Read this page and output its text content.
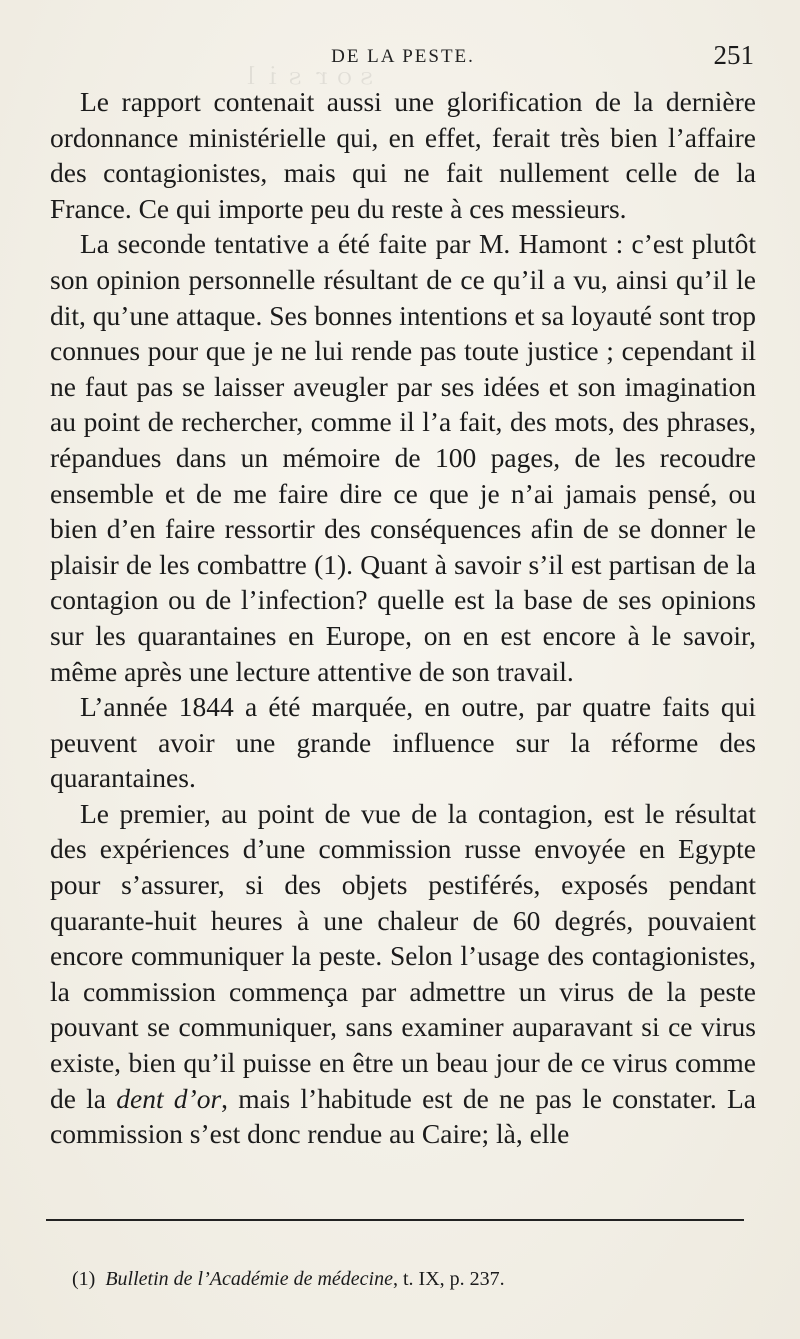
ｓｏｒ ｓｉｌ
DE LA PESTE.	251

Le rapport contenait aussi une glorification de la dernière ordonnance ministérielle qui, en effet, ferait très bien l’affaire des contagionistes, mais qui ne fait nullement celle de la France. Ce qui importe peu du reste à ces messieurs.

La seconde tentative a été faite par M. Hamont : c’est plutôt son opinion personnelle résultant de ce qu’il a vu, ainsi qu’il le dit, qu’une attaque. Ses bonnes intentions et sa loyauté sont trop connues pour que je ne lui rende pas toute justice ; cependant il ne faut pas se laisser aveugler par ses idées et son imagination au point de rechercher, comme il l’a fait, des mots, des phrases, répandues dans un mémoire de 100 pages, de les recoudre ensemble et de me faire dire ce que je n’ai jamais pensé, ou bien d’en faire ressortir des conséquences afin de se donner le plaisir de les combattre (1). Quant à savoir s’il est partisan de la contagion ou de l’infection? quelle est la base de ses opinions sur les quarantaines en Europe, on en est encore à le savoir, même après une lecture attentive de son travail.

L’année 1844 a été marquée, en outre, par quatre faits qui peuvent avoir une grande influence sur la réforme des quarantaines.

Le premier, au point de vue de la contagion, est le résultat des expériences d’une commission russe envoyée en Egypte pour s’assurer, si des objets pestiférés, exposés pendant quarante-huit heures à une chaleur de 60 degrés, pouvaient encore communiquer la peste. Selon l’usage des contagionistes, la commission commença par admettre un virus de la peste pouvant se communiquer, sans examiner auparavant si ce virus existe, bien qu’il puisse en être un beau jour de ce virus comme de la dent d’or, mais l’habitude est de ne pas le constater. La commission s’est donc rendue au Caire; là, elle

(1) Bulletin de l’Académie de médecine, t. IX, p. 237.
